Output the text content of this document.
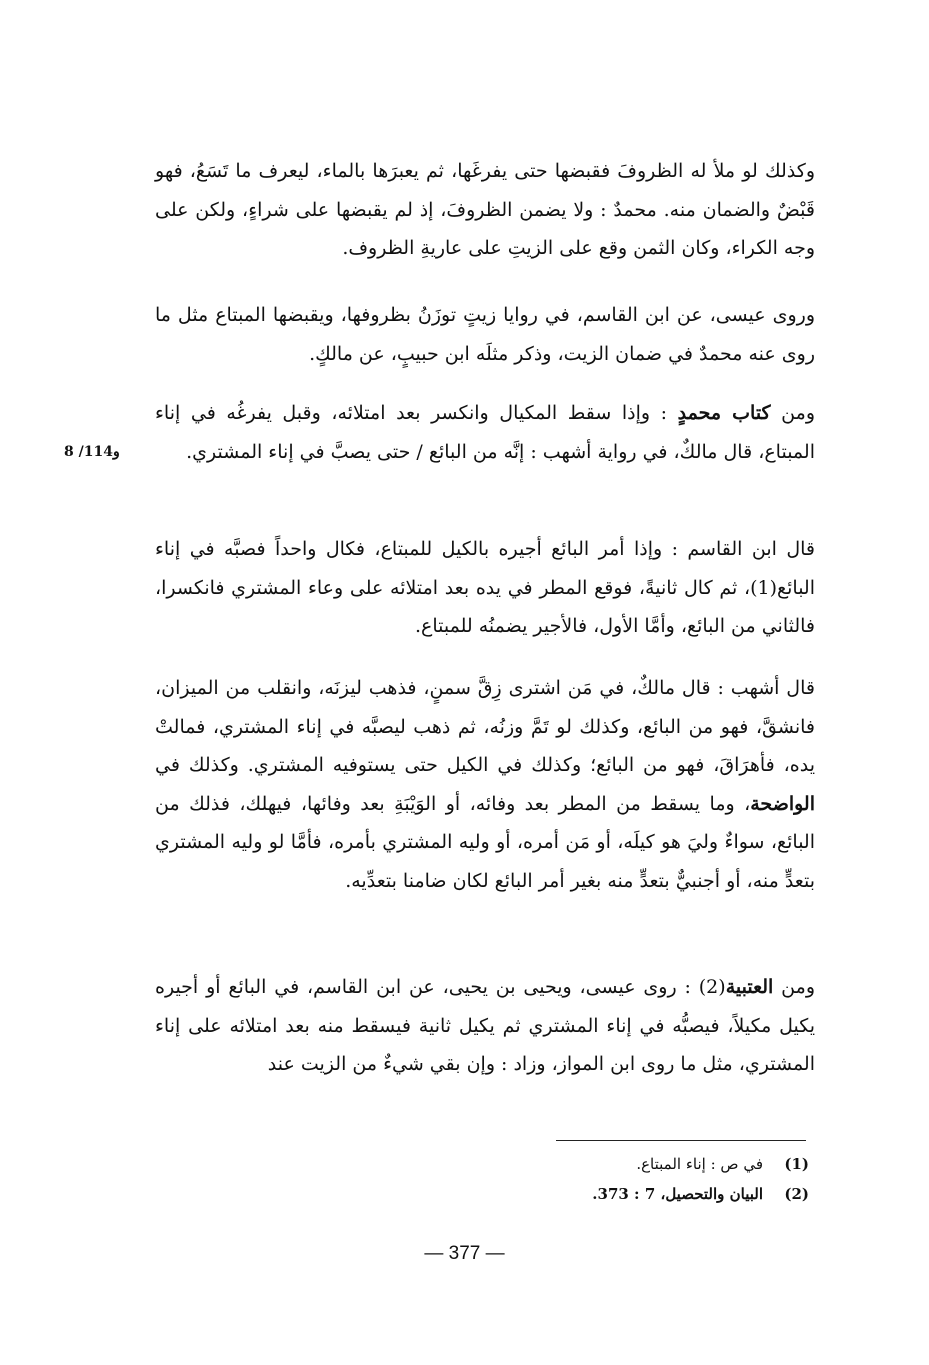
وكذلك لو ملأ له الظروفَ فقبضها حتى يفرغَها، ثم يعبرَها بالماء، ليعرف ما تَسَعُ، فهو قَبْضٌ والضمان منه. محمدٌ : ولا يضمن الظروفَ، إذ لم يقبضها على شراءٍ، ولكن على وجه الكراء، وكان الثمن وقع على الزيتِ على عاريةِ الظروف.

وروى عيسى، عن ابن القاسم، في روايا زيتٍ توزَنُ بظروفها، ويقبضها المبتاع مثل ما روى عنه محمدٌ في ضمان الزيت، وذكر مثلَه ابن حبيبٍ، عن مالكٍ.

ومن كتاب محمدٍ : وإذا سقط المكيال وانكسر بعد امتلائه، وقبل يفرغُه في إناء المبتاع، قال مالكٌ، في رواية أشهب : إنَّه من البائع / حتى يصبَّ في إناء المشتري.

8 /114و

قال ابن القاسم : وإذا أمر البائع أجيره بالكيل للمبتاع، فكال واحداً فصبَّه في إناء البائع(1)، ثم كال ثانيةً، فوقع المطر في يده بعد امتلائه على وعاء المشتري فانكسرا، فالثاني من البائع، وأمَّا الأول، فالأجير يضمنُه للمبتاع.

قال أشهب : قال مالكٌ، في مَن اشترى زِقَّ سمنٍ، فذهب ليزنَه، وانقلب من الميزان، فانشقَّ، فهو من البائع، وكذلك لو تَمَّ وزنُه، ثم ذهب ليصبَّه في إناء المشتري، فمالتْ يده، فأهرَاقَ، فهو من البائع؛ وكذلك في الكيل حتى يستوفيه المشتري. وكذلك في الواضحة، وما يسقط من المطر بعد وفائه، أو الوَيْبَةِ بعد وفائها، فيهلك، فذلك من البائع، سواءٌ وليَ هو كيلَه، أو مَن أمره، أو وليه المشتري بأمره، فأمَّا لو وليه المشتري بتعدٍّ منه، أو أجنبيٌّ بتعدٍّ منه بغير أمر البائع لكان ضامنا بتعدِّيه.

ومن العتبية(2) : روى عيسى، ويحيى بن يحيى، عن ابن القاسم، في البائع أو أجيره يكيل مكيلاً، فيصبُّه في إناء المشتري ثم يكيل ثانية فيسقط منه بعد امتلائه على إناء المشتري، مثل ما روى ابن المواز، وزاد : وإن بقي شيءٌ من الزيت عند

(1)في ص : إناء المبتاع.
(2)البيان والتحصيل، 7 : 373.
— 377 —
